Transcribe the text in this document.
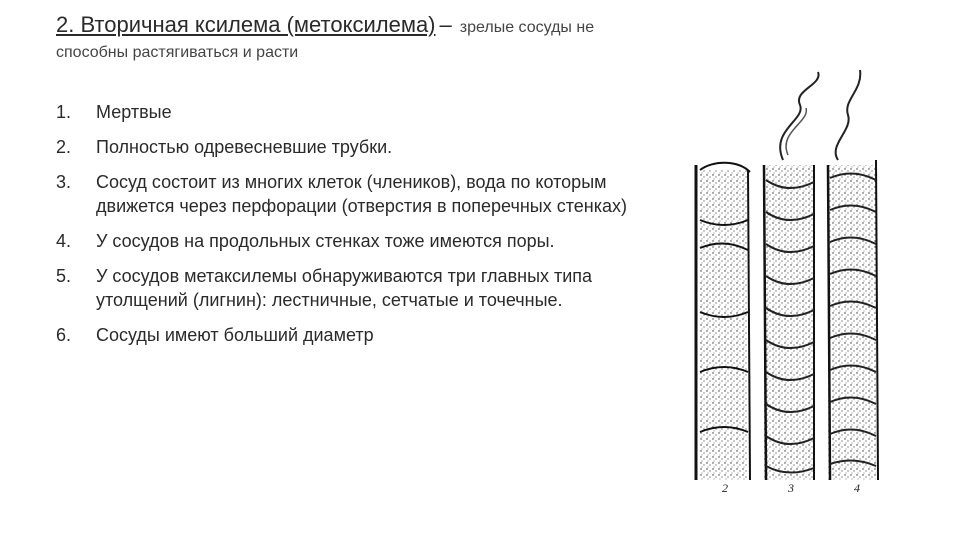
2. Вторичная ксилема (метоксилема) – зрелые сосуды не
способны растягиваться и расти
1.	Мертвые
2.	Полностью одревесневшие трубки.
3.	Сосуд состоит из многих клеток (члеников), вода по которым движется через перфорации (отверстия в поперечных стенках)
4.	У сосудов на продольных стенках тоже имеются поры.
5.	У сосудов метаксилемы обнаруживаются три главных типа утолщений (лигнин): лестничные, сетчатые и точечные.
6.	Сосуды имеют больший диаметр
2	3	4
